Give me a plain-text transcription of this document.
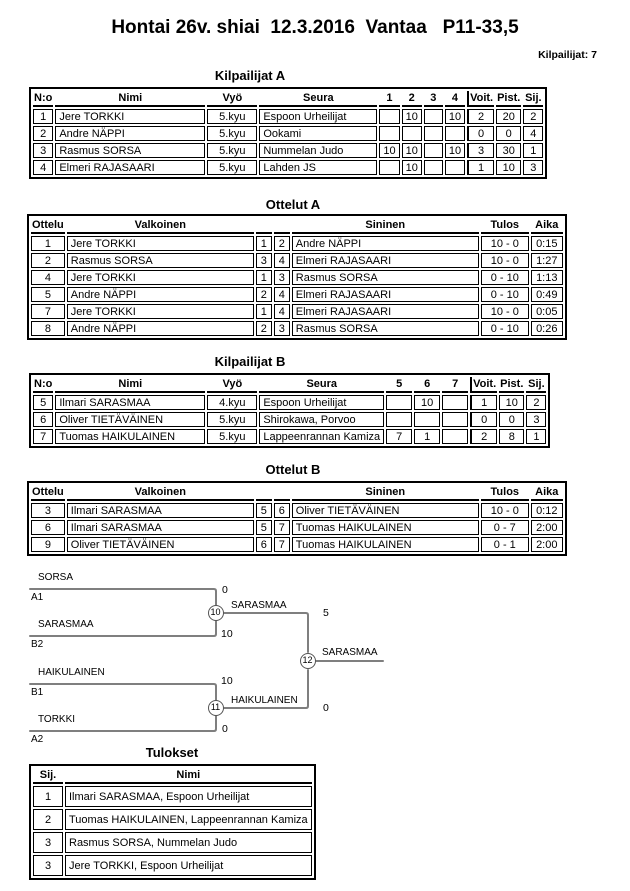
Hontai 26v. shiai  12.3.2016  Vantaa   P11-33,5
Kilpailijat: 7
Kilpailijat A
N:o	Nimi	Vyö	Seura	1	2	3	4	Voit.	Pist.	Sij.
1	Jere TORKKI	5.kyu	Espoon Urheilijat		10		10	2	20	2
2	Andre NÄPPI	5.kyu	Ookami					0	0	4
3	Rasmus SORSA	5.kyu	Nummelan Judo	10	10		10	3	30	1
4	Elmeri RAJASAARI	5.kyu	Lahden JS		10			1	10	3
Ottelut A
Ottelu	Valkoinen			Sininen	Tulos	Aika
1	Jere TORKKI	1	2	Andre NÄPPI	10 - 0	0:15
2	Rasmus SORSA	3	4	Elmeri RAJASAARI	10 - 0	1:27
4	Jere TORKKI	1	3	Rasmus SORSA	0 - 10	1:13
5	Andre NÄPPI	2	4	Elmeri RAJASAARI	0 - 10	0:49
7	Jere TORKKI	1	4	Elmeri RAJASAARI	10 - 0	0:05
8	Andre NÄPPI	2	3	Rasmus SORSA	0 - 10	0:26
Kilpailijat B
N:o	Nimi	Vyö	Seura	5	6	7	Voit.	Pist.	Sij.
5	Ilmari SARASMAA	4.kyu	Espoon Urheilijat		10		1	10	2
6	Oliver TIETÄVÄINEN	5.kyu	Shirokawa, Porvoo				0	0	3
7	Tuomas HAIKULAINEN	5.kyu	Lappeenrannan Kamiza	7	1		2	8	1
Ottelut B
Ottelu	Valkoinen			Sininen	Tulos	Aika
3	Ilmari SARASMAA	5	6	Oliver TIETÄVÄINEN	10 - 0	0:12
6	Ilmari SARASMAA	5	7	Tuomas HAIKULAINEN	0 - 7	2:00
9	Oliver TIETÄVÄINEN	6	7	Tuomas HAIKULAINEN	0 - 1	2:00
SORSA
A1
0
SARASMAA
B2
10
10
SARASMAA
5
HAIKULAINEN
B1
10
TORKKI
A2
0
11
HAIKULAINEN
0
12
SARASMAA
Tulokset
Sij.	Nimi
1	Ilmari SARASMAA, Espoon Urheilijat
2	Tuomas HAIKULAINEN, Lappeenrannan Kamiza
3	Rasmus SORSA, Nummelan Judo
3	Jere TORKKI, Espoon Urheilijat
